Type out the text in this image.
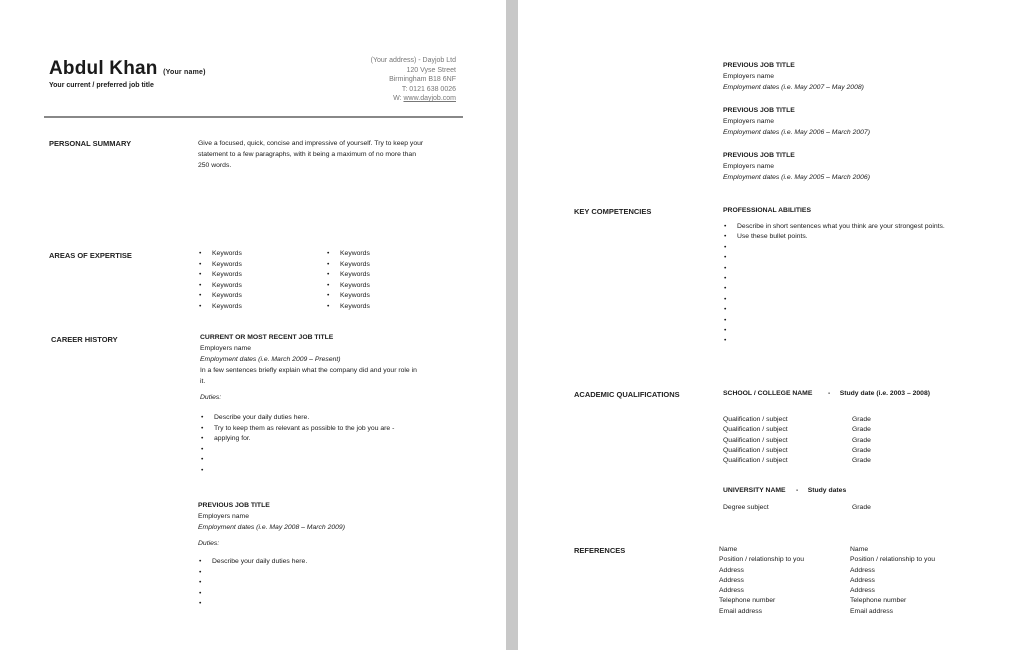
Abdul Khan (Your name)
Your current / preferred job title
(Your address) - Dayjob Ltd
120 Vyse Street
Birmingham B18 6NF
T: 0121 638 0026
W: www.dayjob.com
PERSONAL SUMMARY	Give a focused, quick, concise and impressive of yourself. Try to keep your
statement to a few paragraphs, with it being a maximum of no more than
250 words.
AREAS OF EXPERTISE
•	Keywords
• Keywords
• Keywords
• Keywords
• Keywords
• Keywords
• Keywords
• Keywords
• Keywords
• Keywords
• Keywords
• Keywords
CAREER HISTORY	CURRENT OR MOST RECENT JOB TITLE
Employers name
Employment dates (i.e. March 2009 – Present)
In a few sentences briefly explain what the company did and your role in
it.
Duties:
• Describe your daily duties here.
• Try to keep them as relevant as possible to the job you are -
• applying for.
•
•
•
PREVIOUS JOB TITLE
Employers name
Employment dates (i.e. May 2008 – March 2009)
Duties:
• Describe your daily duties here.
•
•
•
•
PREVIOUS JOB TITLE
Employers name
Employment dates (i.e. May 2007 – May 2008)
PREVIOUS JOB TITLE
Employers name
Employment dates (i.e. May 2006 – March 2007)
PREVIOUS JOB TITLE
Employers name
Employment dates (i.e. May 2005 – March 2006)
KEY COMPETENCIES	PROFESSIONAL ABILITIES
• Describe in short sentences what you think are your strongest points.
• Use these bullet points.
•
•
•
•
•
•
•
•
•
•
ACADEMIC QUALIFICATIONS	SCHOOL / COLLEGE NAME -     Study date (i.e. 2003 – 2008)
Qualification / subject
Qualification / subject
Qualification / subject
Qualification / subject
Qualification / subject
Grade
Grade
Grade
Grade
Grade
UNIVERSITY NAME -     Study dates
Degree subject	Grade
REFERENCES	Name
Position / relationship to you
Address
Address
Address
Telephone number
Email address
Name
Position / relationship to you
Address
Address
Address
Telephone number
Email address
